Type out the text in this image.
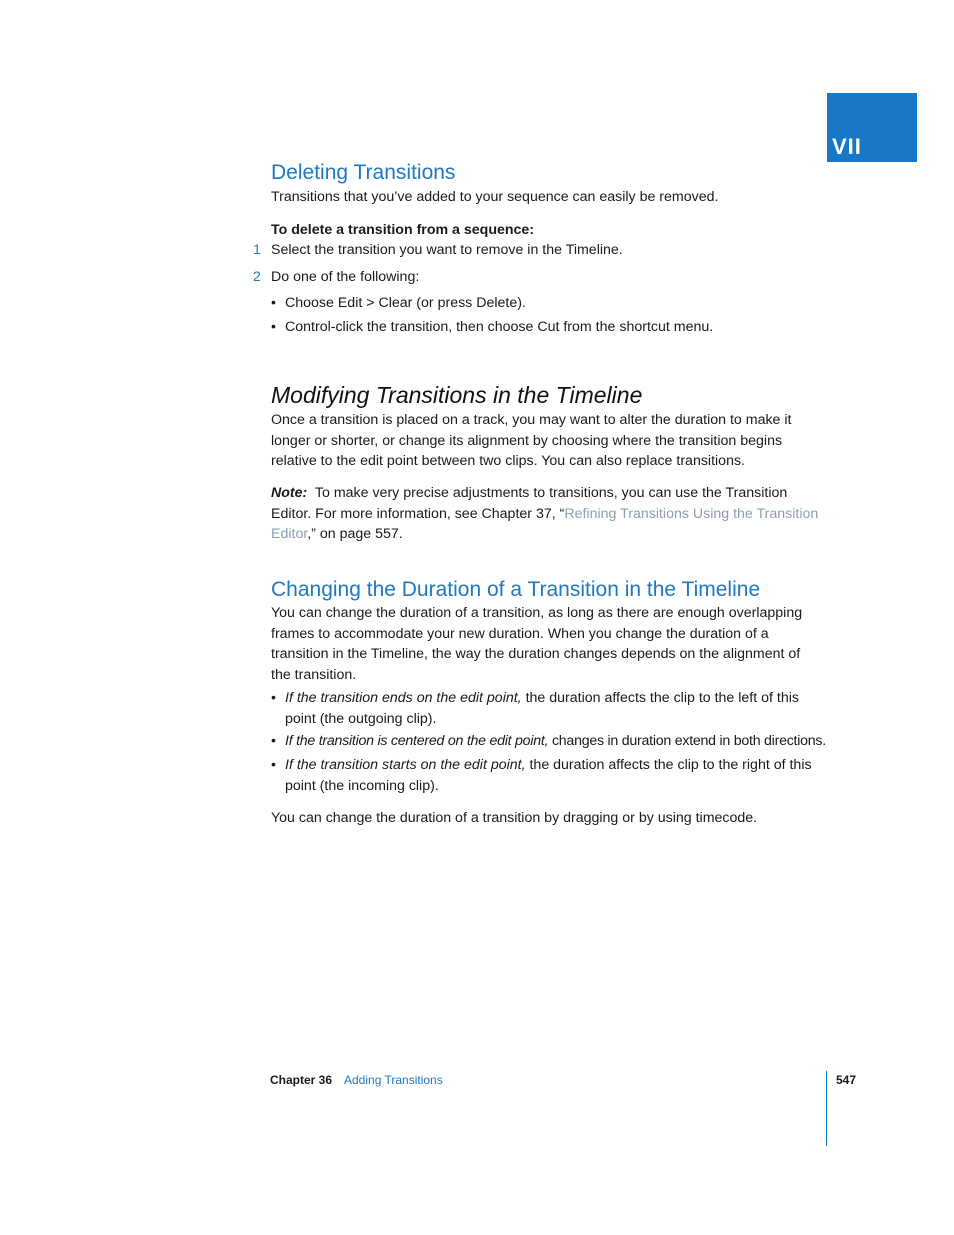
VII
Deleting Transitions

Transitions that you’ve added to your sequence can easily be removed.

To delete a transition from a sequence:

1 Select the transition you want to remove in the Timeline.
2 Do one of the following:
• Choose Edit > Clear (or press Delete).
• Control-click the transition, then choose Cut from the shortcut menu.
Modifying Transitions in the Timeline

Once a transition is placed on a track, you may want to alter the duration to make it longer or shorter, or change its alignment by choosing where the transition begins relative to the edit point between two clips. You can also replace transitions.

Note: To make very precise adjustments to transitions, you can use the Transition Editor. For more information, see Chapter 37, “Refining Transitions Using the Transition Editor,” on page 557.

Changing the Duration of a Transition in the Timeline

You can change the duration of a transition, as long as there are enough overlapping frames to accommodate your new duration. When you change the duration of a transition in the Timeline, the way the duration changes depends on the alignment of the transition.

• If the transition ends on the edit point, the duration affects the clip to the left of this point (the outgoing clip).
• If the transition is centered on the edit point, changes in duration extend in both directions.
• If the transition starts on the edit point, the duration affects the clip to the right of this point (the incoming clip).

You can change the duration of a transition by dragging or by using timecode.

Chapter 36 Adding Transitions	547
